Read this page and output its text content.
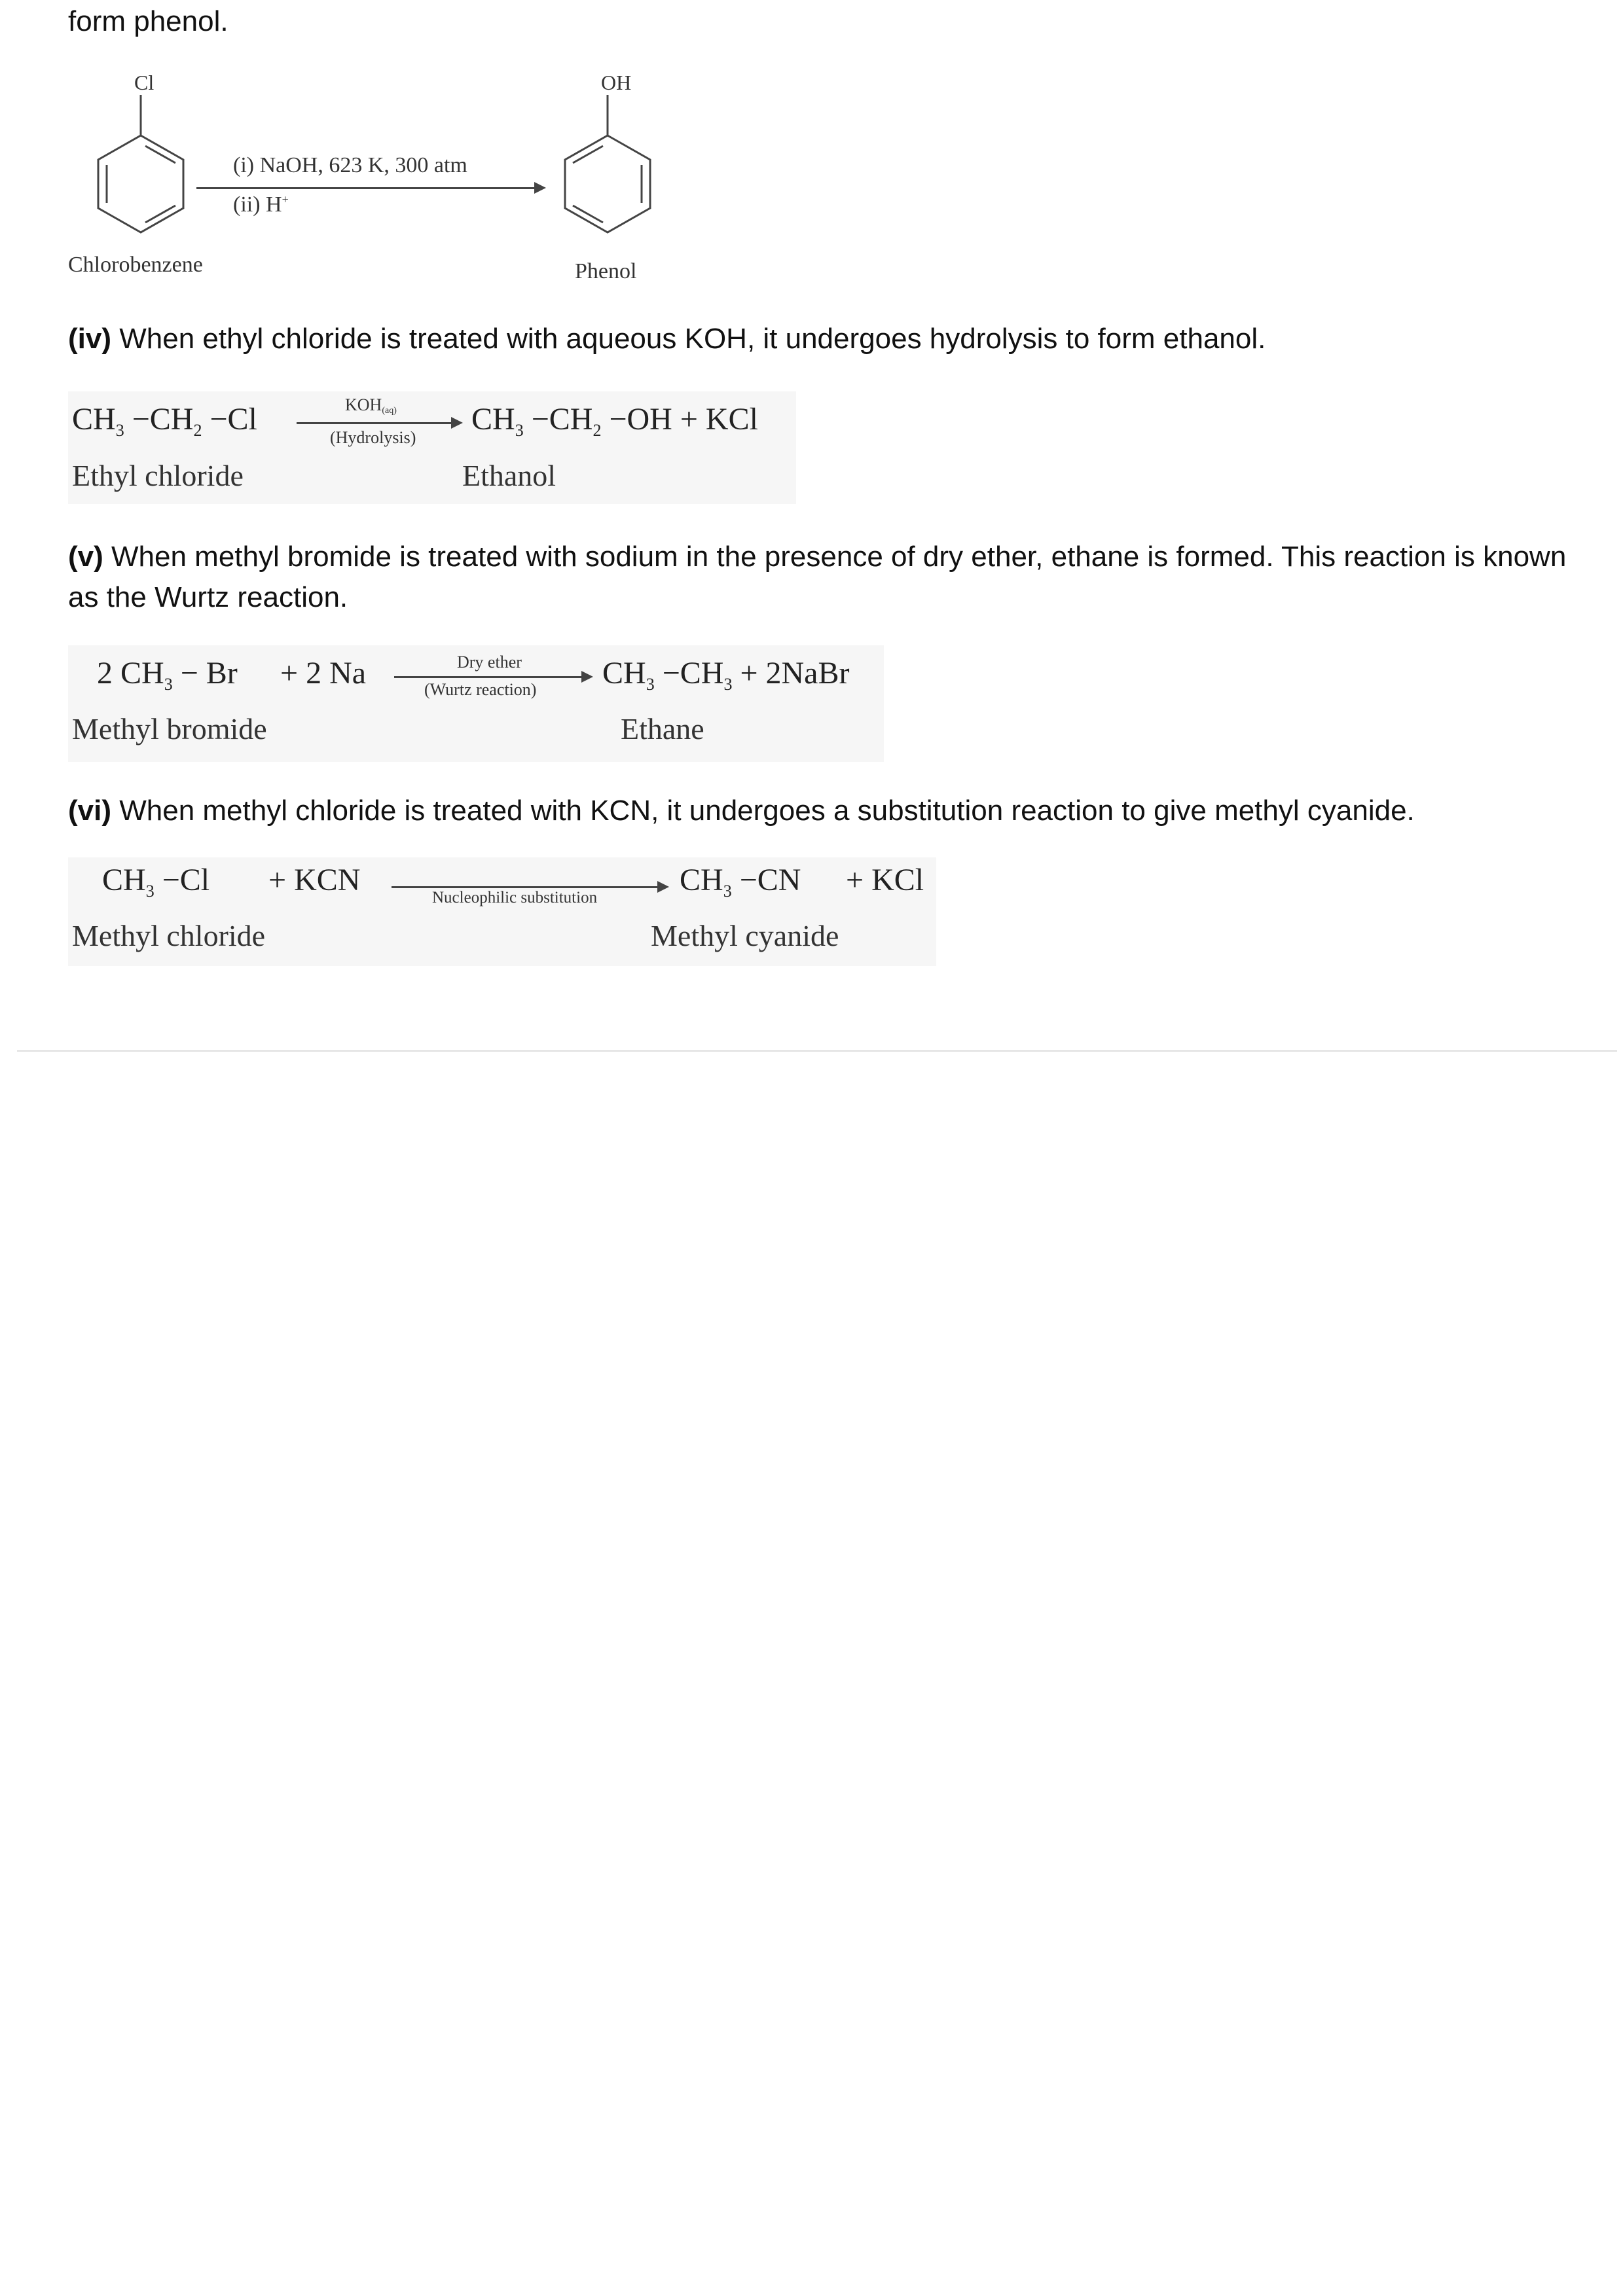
form phenol.
Cl
(i) NaOH, 623 K, 300 atm
(ii) H+
OH
Chlorobenzene	Phenol
(iv) When ethyl chloride is treated with aqueous KOH, it undergoes hydrolysis to form ethanol.
$CH_3 -CH_2 -Cl$	$KOH_{(aq)}$
(Hydrolysis)
$CH_3 -CH_2 -OH$ + KCl
Ethyl chloride	Ethanol
(v) When methyl bromide is treated with sodium in the presence of dry ether, ethane is formed. This reaction is known as the Wurtz reaction.
2 $CH_3 - Br + 2$ Na	Dry ether
(Wurtz reaction) $CH_3 -CH_3$ + 2NaBr
Methyl bromide	Ethane
(vi) When methyl chloride is treated with KCN, it undergoes a substitution reaction to give methyl cyanide.
$CH_3 -Cl$ + KCN
Nucleophilic substitution
$CH_3 -CN$ + KCl
Methyl chloride	Methyl cyanide
